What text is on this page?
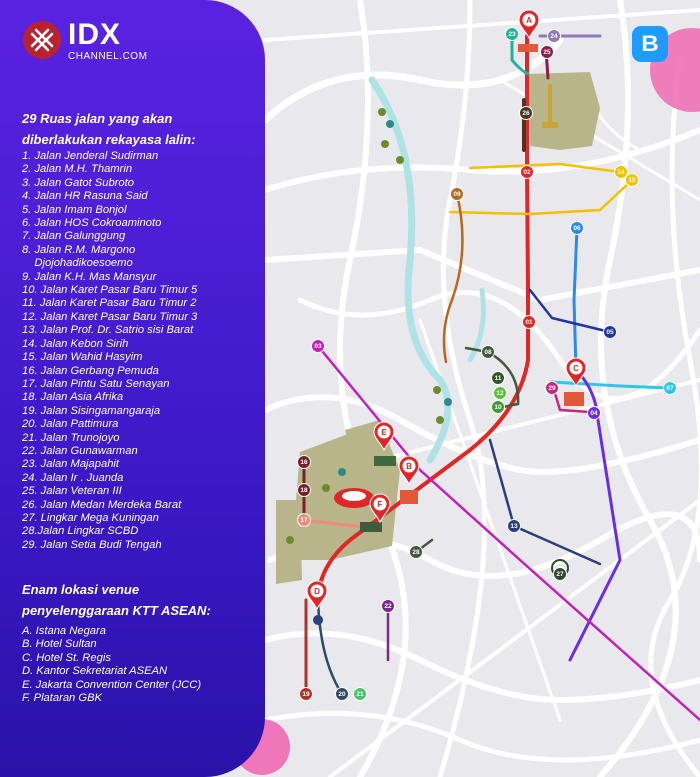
01
02
03
04
05
06
07
08
09
10
11
12
13
14
15
16
17
18
19	20 21
22
23	24
25
26
27
28
29
A
B
C
D
E
F
IDX
CHANNEL.COM
29 Ruas jalan yang akan
diberlakukan rekayasa lalin:
1. Jalan Jenderal Sudirman
2. Jalan M.H. Thamrin
3. Jalan Gatot Subroto
4. Jalan HR Rasuna Said
5. Jalan Imam Bonjol
6. Jalan HOS Cokroaminoto
7. Jalan Galunggung
8. Jalan R.M. Margono
Djojohadikoesoemo
9. Jalan K.H. Mas Mansyur
10. Jalan Karet Pasar Baru Timur 5
11. Jalan Karet Pasar Baru Timur 2
12. Jalan Karet Pasar Baru Timur 3
13. Jalan Prof. Dr. Satrio sisi Barat
14. Jalan Kebon Sirih
15. Jalan Wahid Hasyim
16. Jalan Gerbang Pemuda
17. Jalan Pintu Satu Senayan
18. Jalan Asia Afrika
19. Jalan Sisingamangaraja
20. Jalan Pattimura
21. Jalan Trunojoyo
22. Jalan Gunawarman
23. Jalan Majapahit
24. Jalan Ir . Juanda
25. Jalan Veteran III
26. Jalan Medan Merdeka Barat
27. Lingkar Mega Kuningan
28.Jalan Lingkar SCBD
29. Jalan Setia Budi Tengah
Enam lokasi venue
penyelenggaraan KTT ASEAN:
A. Istana Negara
B. Hotel Sultan
C. Hotel St. Regis
D. Kantor Sekretariat ASEAN
E. Jakarta Convention Center (JCC)
F. Plataran GBK
B
